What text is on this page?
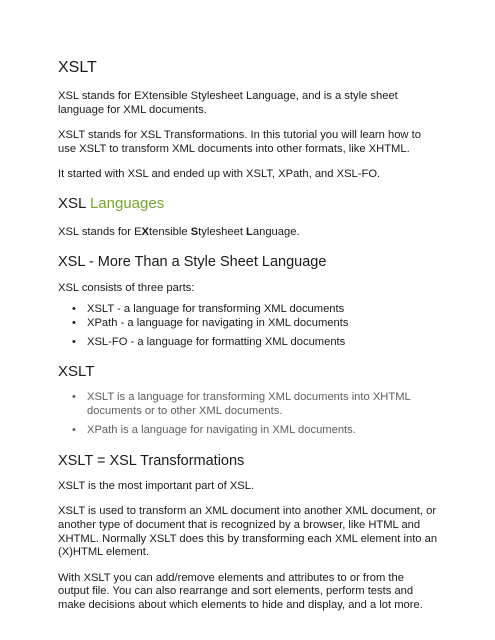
XSLT

XSL stands for EXtensible Stylesheet Language, and is a style sheet language for XML documents.

XSLT stands for XSL Transformations. In this tutorial you will learn how to use XSLT to transform XML documents into other formats, like XHTML.

It started with XSL and ended up with XSLT, XPath, and XSL-FO.

XSL Languages

XSL stands for EXtensible Stylesheet Language.

XSL - More Than a Style Sheet Language

XSL consists of three parts:

• XSLT - a language for transforming XML documents
• XPath - a language for navigating in XML documents
• XSL-FO - a language for formatting XML documents
XSLT
• XSLT is a language for transforming XML documents into XHTML documents or to other XML documents.
• XPath is a language for navigating in XML documents.
XSLT = XSL Transformations

XSLT is the most important part of XSL.

XSLT is used to transform an XML document into another XML document, or another type of document that is recognized by a browser, like HTML and XHTML. Normally XSLT does this by transforming each XML element into an (X)HTML element.

With XSLT you can add/remove elements and attributes to or from the output file. You can also rearrange and sort elements, perform tests and make decisions about which elements to hide and display, and a lot more.
